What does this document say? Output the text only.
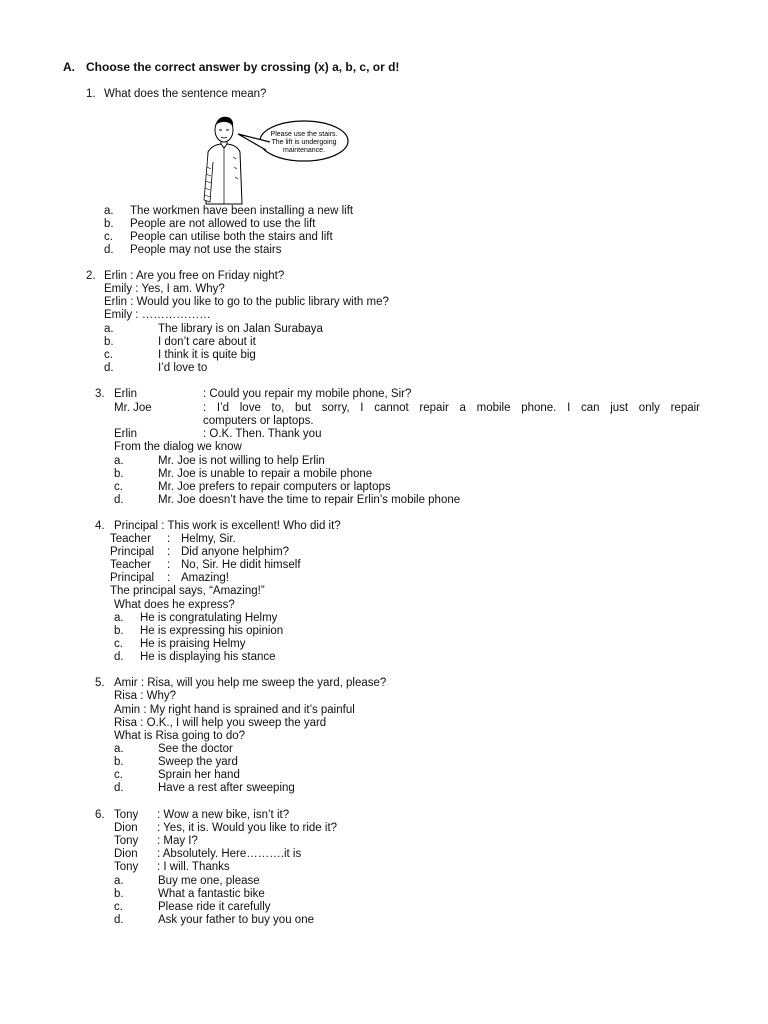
A. Choose the correct answer by crossing (x) a, b, c, or d!
1. What does the sentence mean?
Please use the stairs.
The lift is undergoing
maintenance.
a. The workmen have been installing a new lift
b. People are not allowed to use the lift
c. People can utilise both the stairs and lift
d. People may not use the stairs
2. Erlin : Are you free on Friday night?
Emily : Yes, I am. Why?
Erlin : Would you like to go to the public library with me?
Emily : ………………
a.	The library is on Jalan Surabaya
b.	I don’t care about it
c.	I think it is quite big
d.	I’d love to
3. Erlin	: Could you repair my mobile phone, Sir?
Mr. Joe	: I’d love to, but sorry, I cannot repair a mobile phone. I can just only repair
computers or laptops.
Erlin	: O.K. Then. Thank you
From the dialog we know
a.	Mr. Joe is not willing to help Erlin
b.	Mr. Joe is unable to repair a mobile phone
c.	Mr. Joe prefers to repair computers or laptops
d.	Mr. Joe doesn’t have the time to repair Erlin’s mobile phone
4. Principal : This work is excellent! Who did it?
Teacher : Helmy, Sir.
Principal : Did anyone helphim?
Teacher : No, Sir. He didit himself
Principal : Amazing!
The principal says, “Amazing!”
What does he express?
a. He is congratulating Helmy
b. He is expressing his opinion
c. He is praising Helmy
d. He is displaying his stance
5. Amir : Risa, will you help me sweep the yard, please?
Risa : Why?
Amin : My right hand is sprained and it’s painful
Risa : O.K., I will help you sweep the yard
What is Risa going to do?
a.	See the doctor
b.	Sweep the yard
c.	Sprain her hand
d.	Have a rest after sweeping
6. Tony : Wow a new bike, isn’t it?
Dion : Yes, it is. Would you like to ride it?
Tony : May I?
Dion : Absolutely. Here……….it is
Tony : I will. Thanks
a.	Buy me one, please
b.	What a fantastic bike
c.	Please ride it carefully
d.	Ask your father to buy you one
